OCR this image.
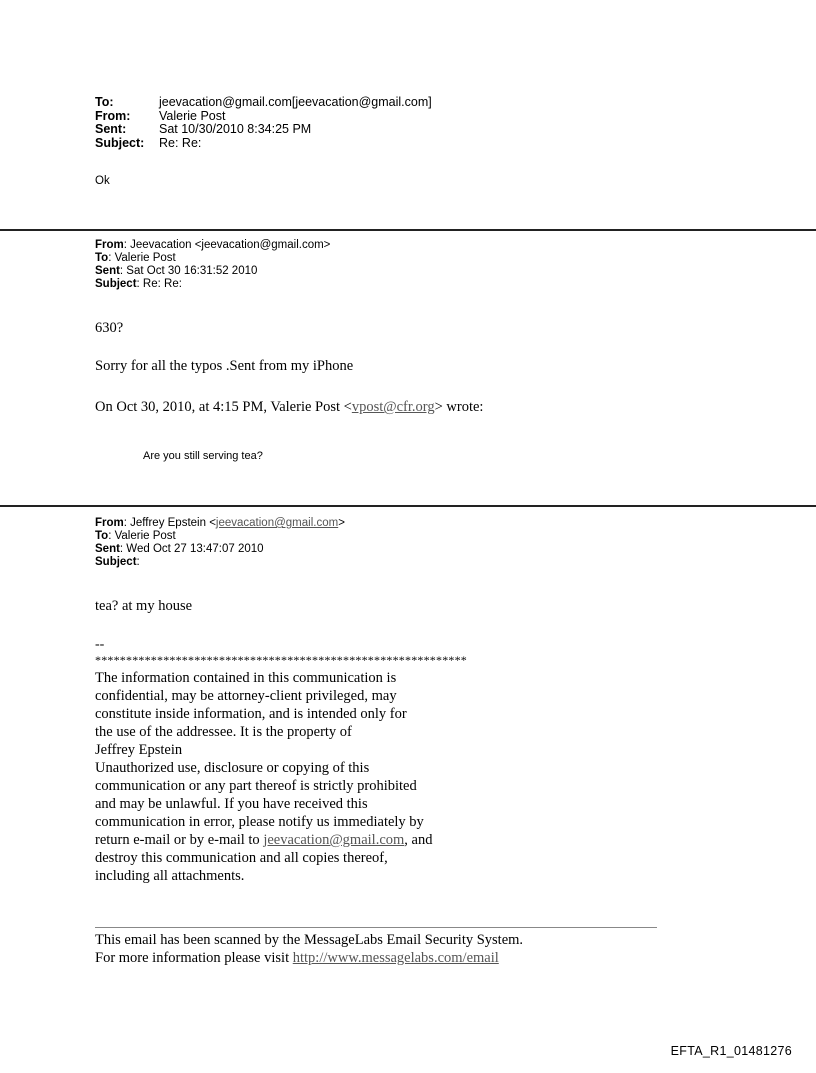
To:	jeevacation@gmail.com[jeevacation@gmail.com]
From:	Valerie Post
Sent:	Sat 10/30/2010 8:34:25 PM
Subject:	Re: Re:
Ok
From: Jeevacation <jeevacation@gmail.com>
To: Valerie Post
Sent: Sat Oct 30 16:31:52 2010
Subject: Re: Re:
630?
Sorry for all the typos .Sent from my iPhone
On Oct 30, 2010, at 4:15 PM, Valerie Post <vpost@cfr.org> wrote:
Are you still serving tea?
From: Jeffrey Epstein <jeevacation@gmail.com>
To: Valerie Post
Sent: Wed Oct 27 13:47:07 2010
Subject:
tea? at my house
--
************************************************************
The information contained in this communication is
confidential, may be attorney-client privileged, may
constitute inside information, and is intended only for
the use of the addressee. It is the property of
Jeffrey Epstein
Unauthorized use, disclosure or copying of this
communication or any part thereof is strictly prohibited
and may be unlawful. If you have received this
communication in error, please notify us immediately by
return e-mail or by e-mail to jeevacation@gmail.com, and
destroy this communication and all copies thereof,
including all attachments.
This email has been scanned by the MessageLabs Email Security System.
For more information please visit http://www.messagelabs.com/email
EFTA_R1_01481276
